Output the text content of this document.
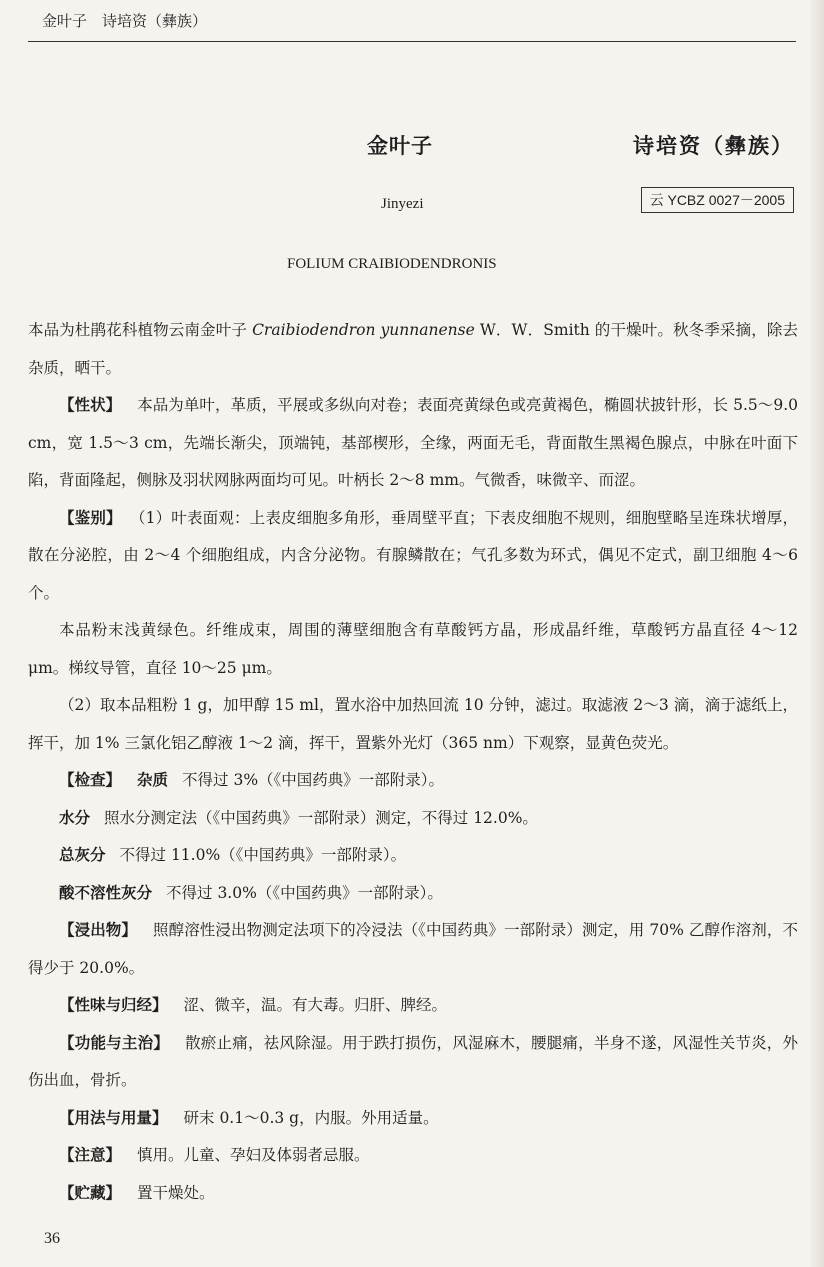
金叶子　诗培资（彝族）
金叶子	诗培资（彝族）
Jinyezi	云 YCBZ 0027－2005
FOLIUM CRAIBIODENDRONIS

本品为杜鹃花科植物云南金叶子 Craibiodendron yunnanense W．W．Smith 的干燥叶。秋冬季采摘，除去杂质，晒干。

【性状】 本品为单叶，革质，平展或多纵向对卷；表面亮黄绿色或亮黄褐色，椭圆状披针形，长 5.5～9.0 cm，宽 1.5～3 cm，先端长渐尖，顶端钝，基部楔形，全缘，两面无毛，背面散生黑褐色腺点，中脉在叶面下陷，背面隆起，侧脉及羽状网脉两面均可见。叶柄长 2～8 mm。气微香，味微辛、而涩。

【鉴别】 （1）叶表面观：上表皮细胞多角形，垂周壁平直；下表皮细胞不规则，细胞壁略呈连珠状增厚，散在分泌腔，由 2～4 个细胞组成，内含分泌物。有腺鳞散在；气孔多数为环式，偶见不定式，副卫细胞 4～6 个。

本品粉末浅黄绿色。纤维成束，周围的薄壁细胞含有草酸钙方晶，形成晶纤维，草酸钙方晶直径 4～12 μm。梯纹导管，直径 10～25 μm。

（2）取本品粗粉 1 g，加甲醇 15 ml，置水浴中加热回流 10 分钟，滤过。取滤液 2～3 滴，滴于滤纸上，挥干，加 1% 三氯化铝乙醇液 1～2 滴，挥干，置紫外光灯（365 nm）下观察，显黄色荧光。

【检查】 杂质 不得过 3%（《中国药典》一部附录）。

水分 照水分测定法（《中国药典》一部附录）测定，不得过 12.0%。

总灰分 不得过 11.0%（《中国药典》一部附录）。

酸不溶性灰分 不得过 3.0%（《中国药典》一部附录）。

【浸出物】 照醇溶性浸出物测定法项下的冷浸法（《中国药典》一部附录）测定，用 70% 乙醇作溶剂，不得少于 20.0%。

【性味与归经】 涩、微辛，温。有大毒。归肝、脾经。

【功能与主治】 散瘀止痛，祛风除湿。用于跌打损伤，风湿麻木，腰腿痛，半身不遂，风湿性关节炎，外伤出血，骨折。

【用法与用量】 研末 0.1～0.3 g，内服。外用适量。

【注意】 慎用。儿童、孕妇及体弱者忌服。

【贮藏】 置干燥处。

36
